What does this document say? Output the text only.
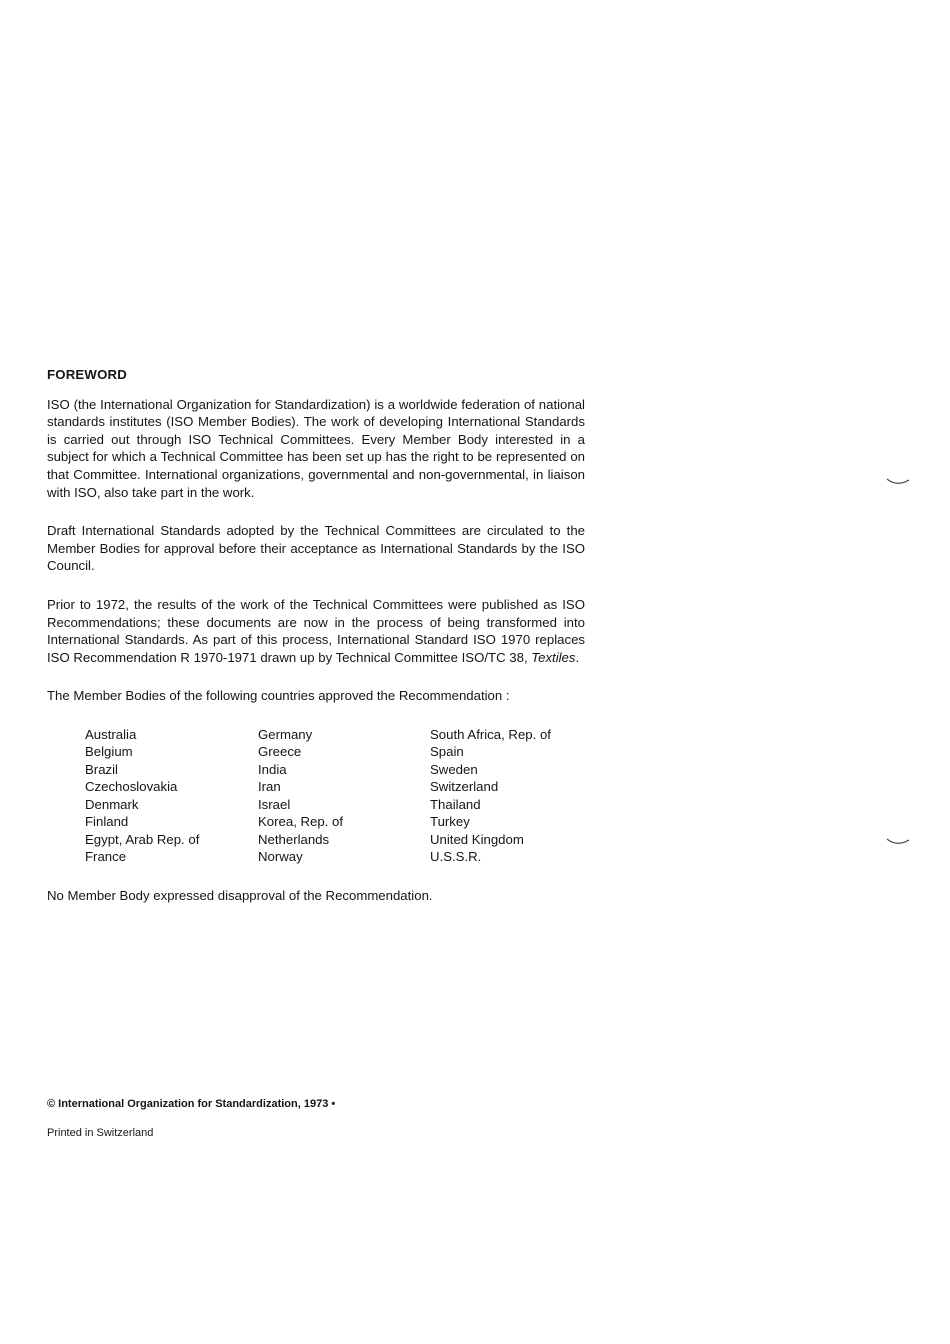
FOREWORD

ISO (the International Organization for Standardization) is a worldwide federation of national standards institutes (ISO Member Bodies). The work of developing International Standards is carried out through ISO Technical Committees. Every Member Body interested in a subject for which a Technical Committee has been set up has the right to be represented on that Committee. International organizations, governmental and non-governmental, in liaison with ISO, also take part in the work.

Draft International Standards adopted by the Technical Committees are circulated to the Member Bodies for approval before their acceptance as International Standards by the ISO Council.

Prior to 1972, the results of the work of the Technical Committees were published as ISO Recommendations; these documents are now in the process of being transformed into International Standards. As part of this process, International Standard ISO 1970 replaces ISO Recommendation R 1970-1971 drawn up by Technical Committee ISO/TC 38, Textiles.

The Member Bodies of the following countries approved the Recommendation :

Australia
Belgium
Brazil
Czechoslovakia
Denmark
Finland
Egypt, Arab Rep. of
France
Germany
Greece
India
Iran
Israel
Korea, Rep. of
Netherlands
Norway
South Africa, Rep. of
Spain
Sweden
Switzerland
Thailand
Turkey
United Kingdom
U.S.S.R.

No Member Body expressed disapproval of the Recommendation.

© International Organization for Standardization, 1973 •
Printed in Switzerland
